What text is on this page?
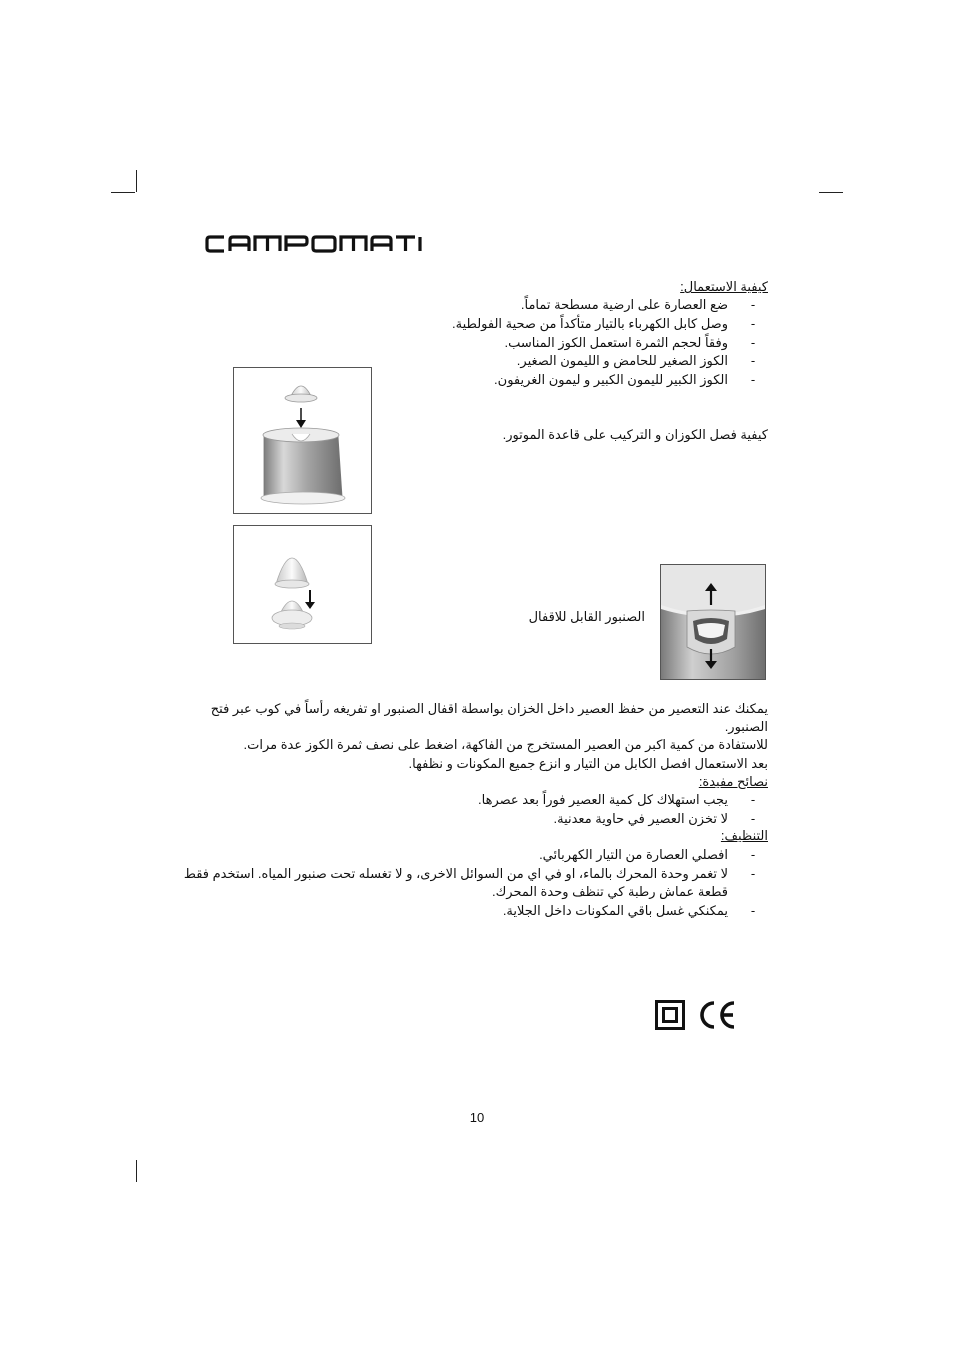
كيفية الاستعمال:
-
ضع العصارة على ارضية مسطحة تماماً.
-
وصل كابل الكهرباء بالتيار متأكداً من صحية الفولطية.
-
وفقاً لحجم الثمرة استعمل الكوز المناسب.
-
الكوز الصغير للحامض و الليمون الصغير.
-
الكوز الكبير لليمون الكبير و ليمون الغريفون.
كيفية فصل الكوزان و التركيب على قاعدة الموتور.
الصنبور القابل للاقفال
يمكنك عند التعصير من حفظ العصير داخل الخزان بواسطة اقفال الصنبور او تفريغه رأساً في كوب عبر فتح
الصنبور.
للاستفادة من كمية اكبر من العصير المستخرج من الفاكهة، اضغط على نصف ثمرة الكوز عدة مرات.
بعد الاستعمال افصل الكابل من التيار و انزع جميع المكونات و نظفها.
نصائح مفيدة:
-
يجب استهلاك كل كمية العصير فوراً بعد عصرها.
-
لا تخزن العصير في حاوية معدنية.
التنظيف:
-
افصلي العصارة من التيار الكهربائي.
-
لا تغمر وحدة المحرك بالماء، او في اي من السوائل الاخرى، و لا تغسله تحت صنبور المياه. استخدم فقط
قطعة عماش رطبة كي تنظف وحدة المحرك.
-
يمكنكي غسل باقي المكونات داخل الجلاية.
10
